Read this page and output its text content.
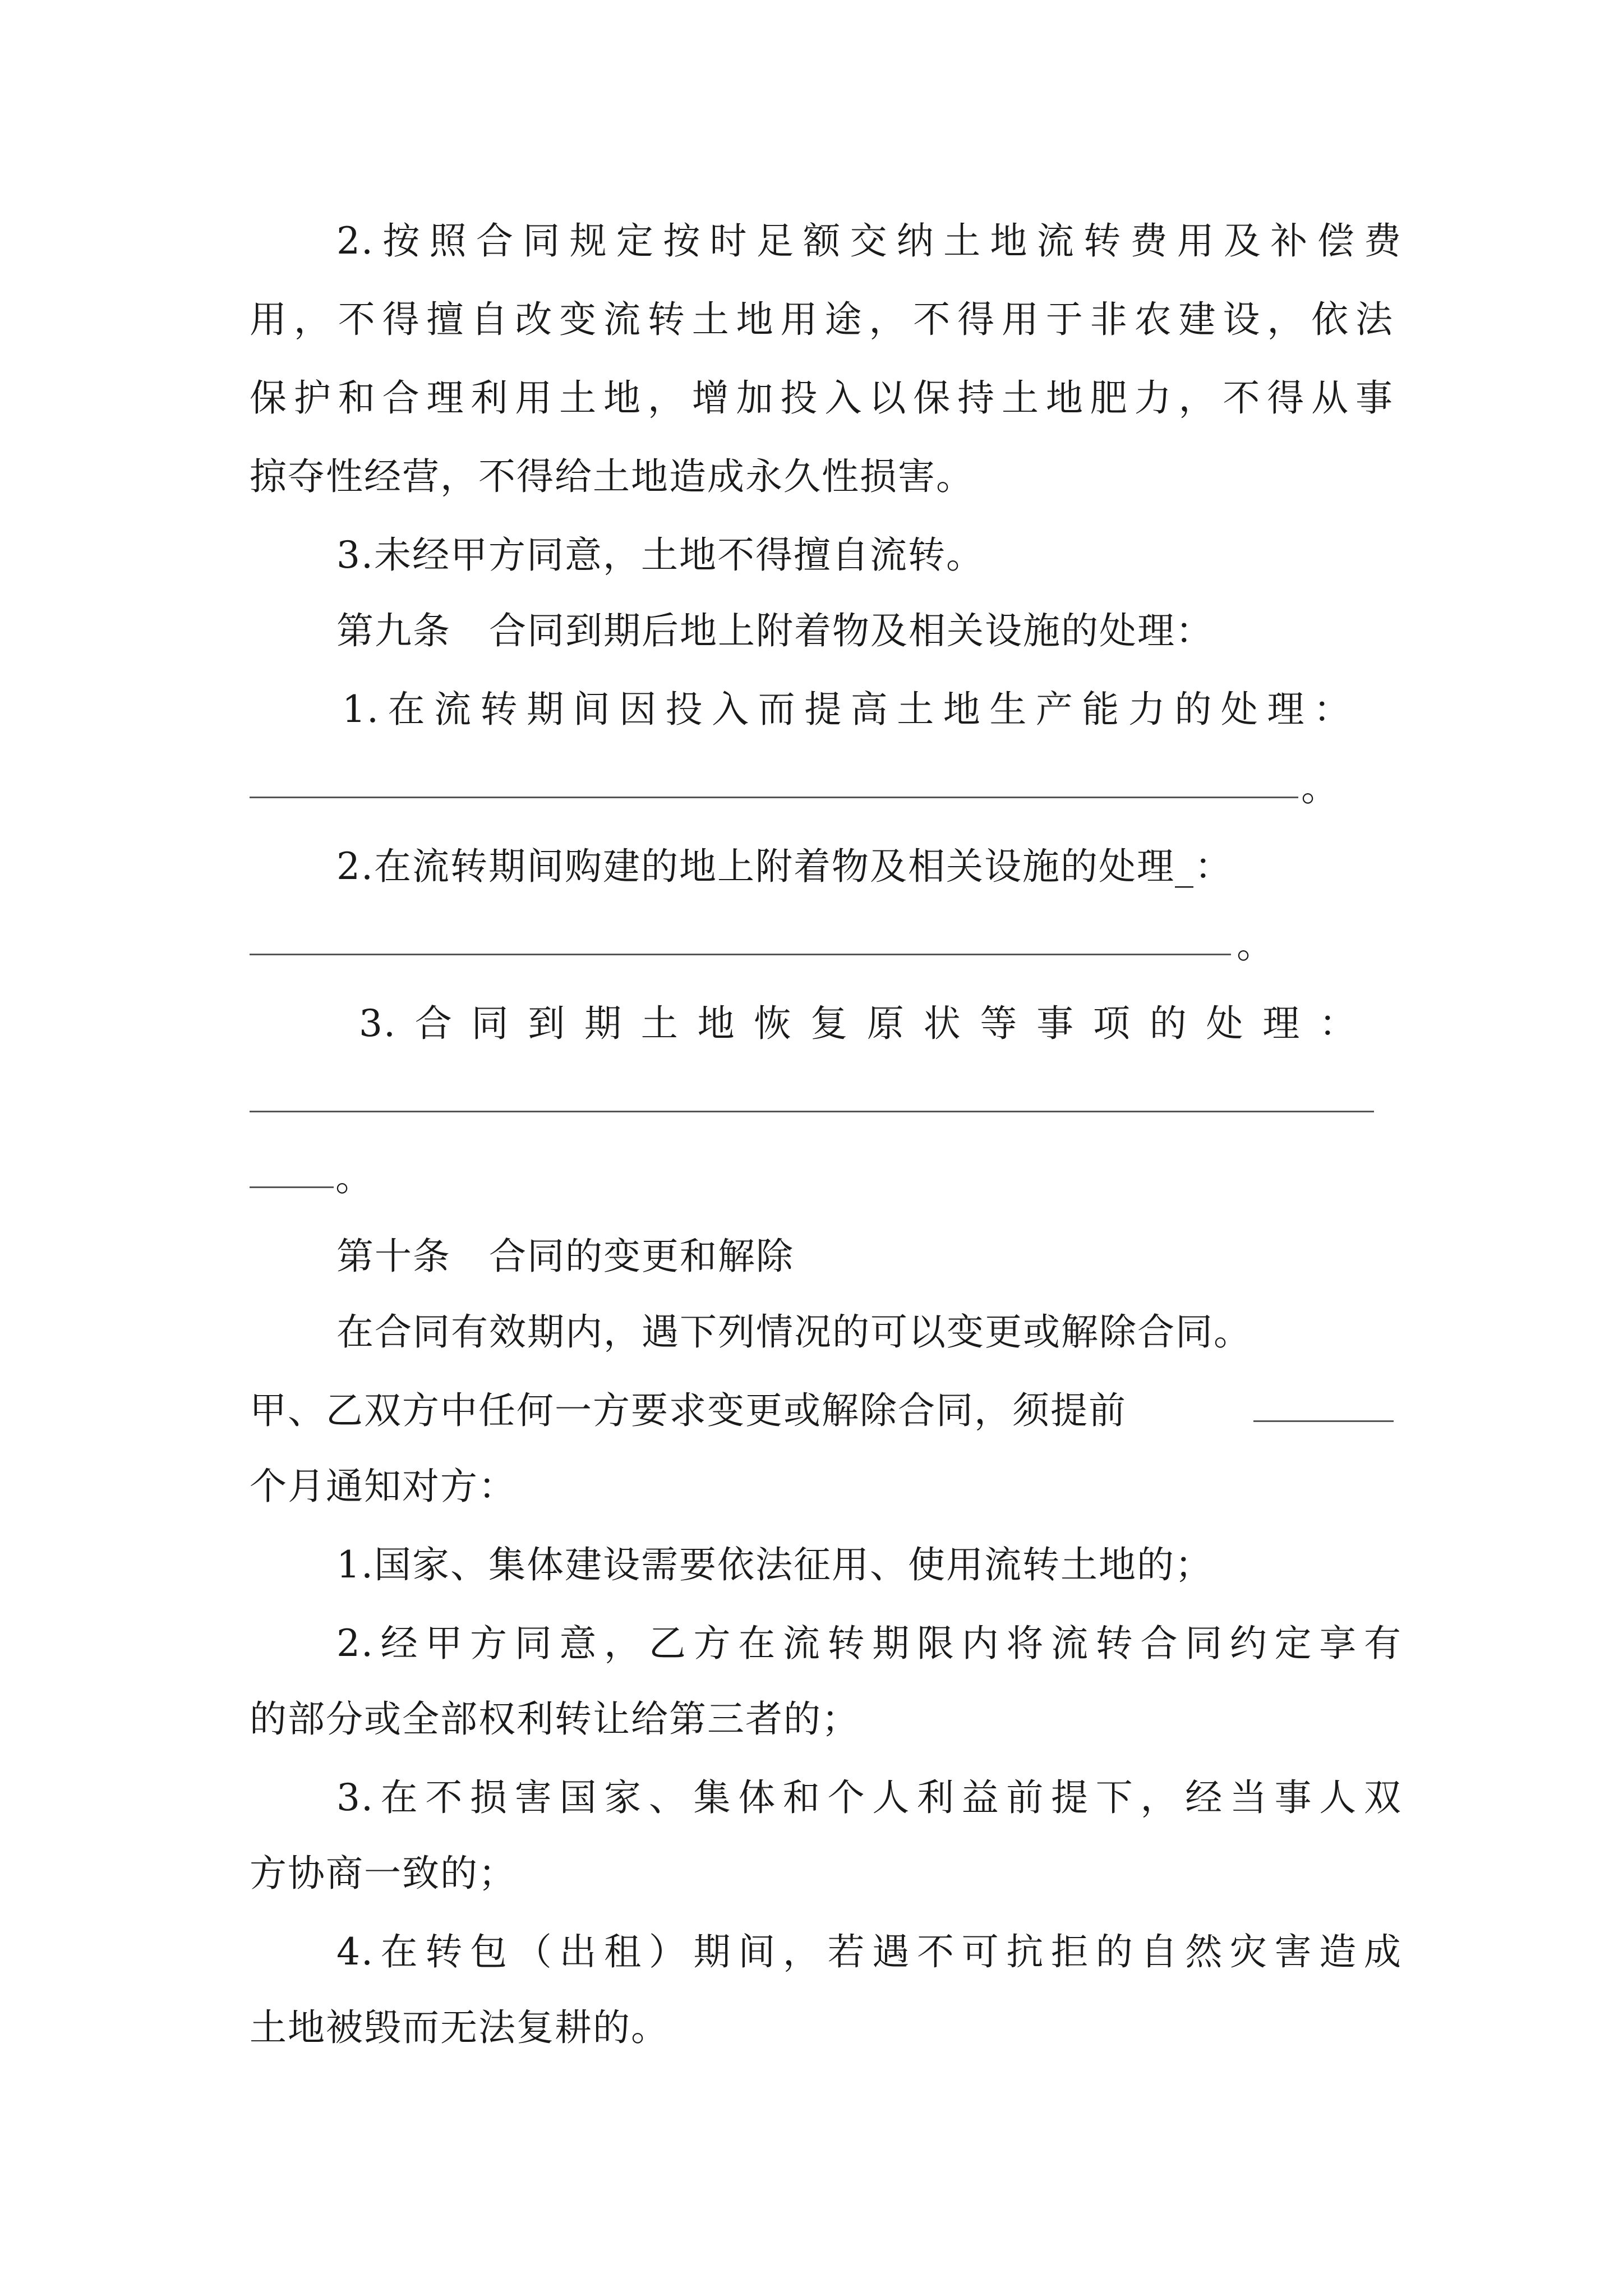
2.按照合同规定按时足额交纳土地流转费用及补偿费
用，不得擅自改变流转土地用途，不得用于非农建设，依法
保护和合理利用土地，增加投入以保持土地肥力，不得从事
掠夺性经营，不得给土地造成永久性损害。
3.未经甲方同意，土地不得擅自流转。
第九条　合同到期后地上附着物及相关设施的处理：
1.在流转期间因投入而提高土地生产能力的处理：
。
2.在流转期间购建的地上附着物及相关设施的处理_：
。
3.合同到期土地恢复原状等事项的处理：
。
第十条　合同的变更和解除
在合同有效期内，遇下列情况的可以变更或解除合同。
甲、乙双方中任何一方要求变更或解除合同，须提前
个月通知对方：
1.国家、集体建设需要依法征用、使用流转土地的；
2.经甲方同意，乙方在流转期限内将流转合同约定享有
的部分或全部权利转让给第三者的；
3.在不损害国家、集体和个人利益前提下，经当事人双
方协商一致的；
4.在转包（出租）期间，若遇不可抗拒的自然灾害造成
土地被毁而无法复耕的。
